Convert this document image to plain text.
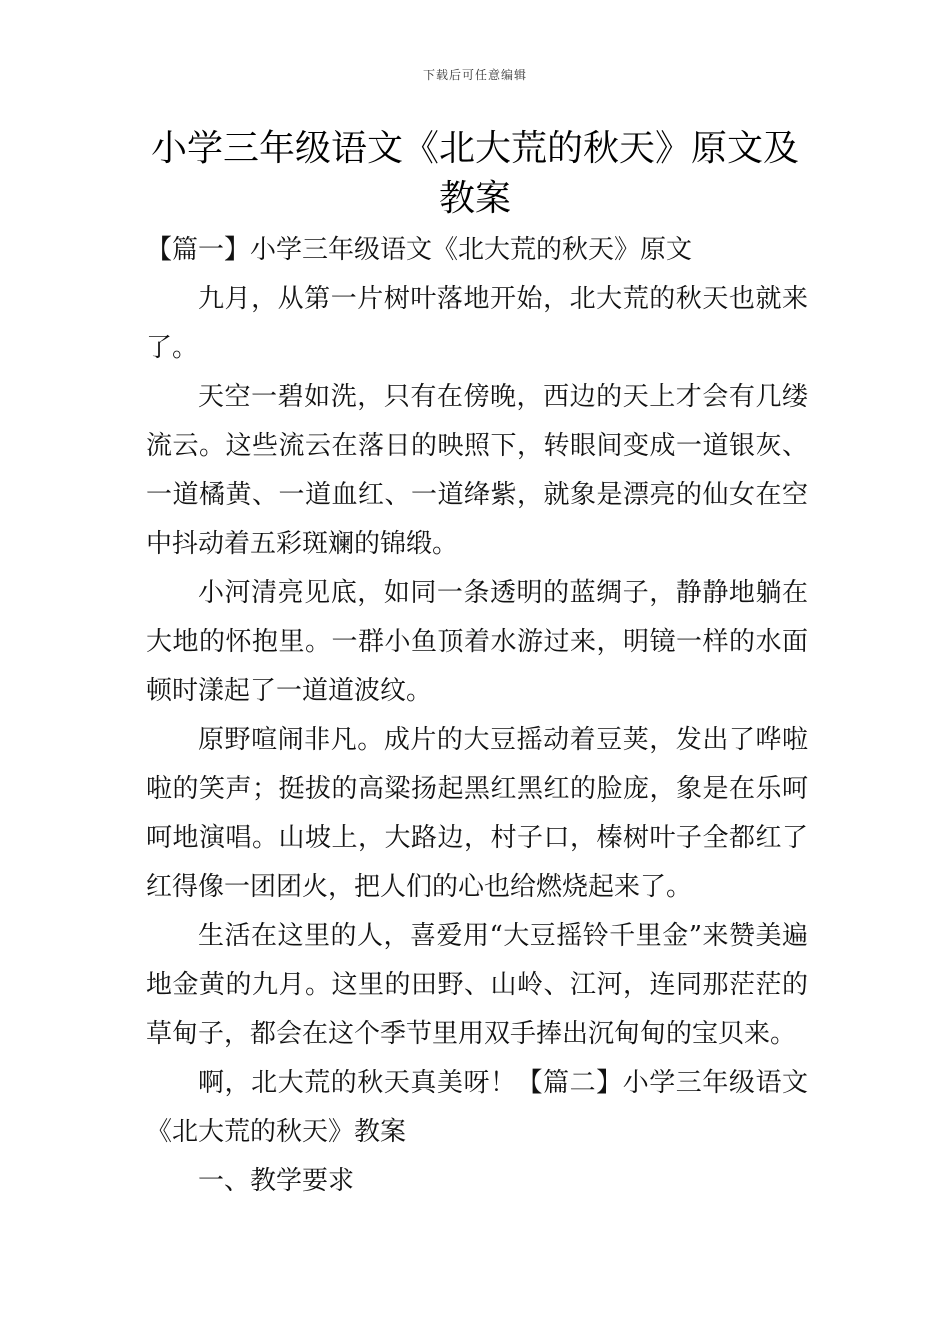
下载后可任意编辑
小学三年级语文《北大荒的秋天》原文及教案

【篇一】小学三年级语文《北大荒的秋天》原文

九月，从第一片树叶落地开始，北大荒的秋天也就来了。

天空一碧如洗，只有在傍晚，西边的天上才会有几缕流云。这些流云在落日的映照下，转眼间变成一道银灰、一道橘黄、一道血红、一道绛紫，就象是漂亮的仙女在空中抖动着五彩斑斓的锦缎。

小河清亮见底，如同一条透明的蓝绸子，静静地躺在大地的怀抱里。一群小鱼顶着水游过来，明镜一样的水面顿时漾起了一道道波纹。

原野喧闹非凡。成片的大豆摇动着豆荚，发出了哗啦啦的笑声；挺拔的高粱扬起黑红黑红的脸庞，象是在乐呵呵地演唱。山坡上，大路边，村子口，榛树叶子全都红了红得像一团团火，把人们的心也给燃烧起来了。

生活在这里的人，喜爱用“大豆摇铃千里金”来赞美遍地金黄的九月。这里的田野、山岭、江河，连同那茫茫的草甸子，都会在这个季节里用双手捧出沉甸甸的宝贝来。

啊，北大荒的秋天真美呀！【篇二】小学三年级语文《北大荒的秋天》教案

一、教学要求
